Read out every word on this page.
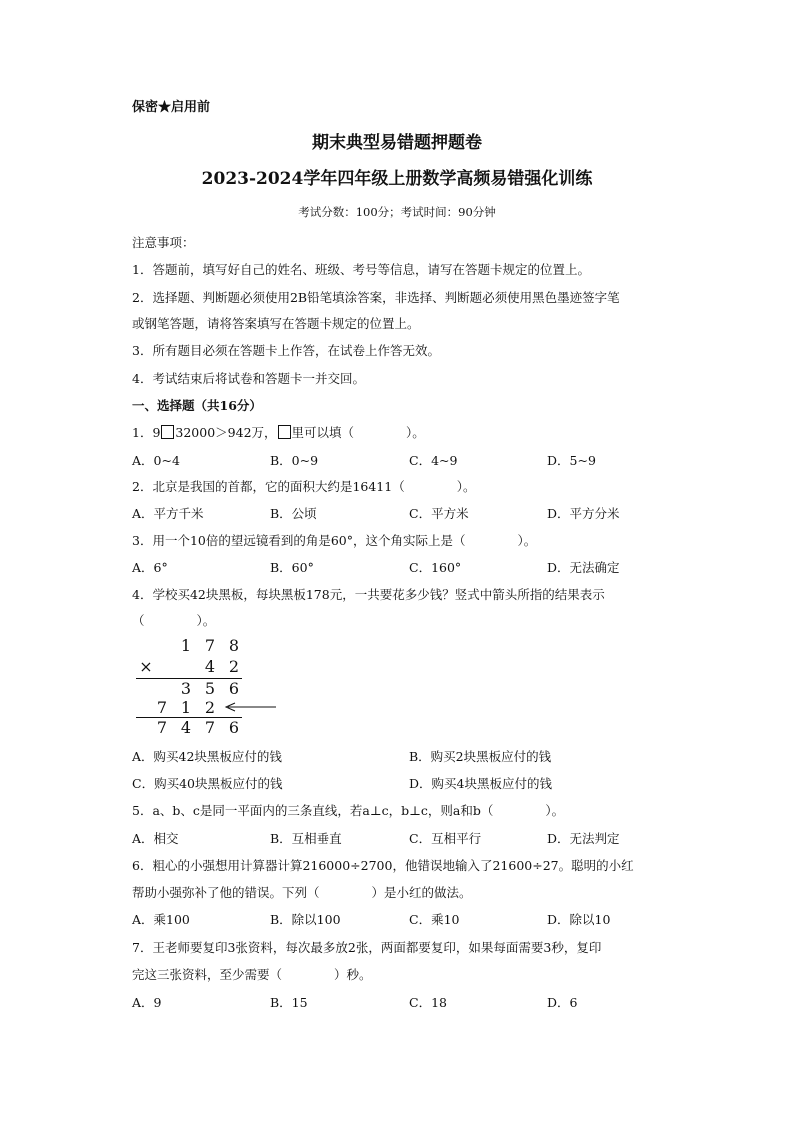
保密★启用前
期末典型易错题押题卷
2023-2024学年四年级上册数学高频易错强化训练
考试分数：100分；考试时间：90分钟
注意事项：
1．答题前，填写好自己的姓名、班级、考号等信息，请写在答题卡规定的位置上。
2．选择题、判断题必须使用2B铅笔填涂答案，非选择、判断题必须使用黑色墨迹签字笔
或钢笔答题，请将答案填写在答题卡规定的位置上。
3．所有题目必须在答题卡上作答，在试卷上作答无效。
4．考试结束后将试卷和答题卡一并交回。
一、选择题（共16分）
1．9 32000＞942万， 里可以填（	）。
A．0~4	B．0~9	C．4~9	D．5~9
2．北京是我国的首都，它的面积大约是16411（	）。
A．平方千米	B．公顷	C．平方米	D．平方分米
3．用一个10倍的望远镜看到的角是60°，这个角实际上是（	）。
A．6°	B．60°	C．160°	D．无法确定
4．学校买42块黑板，每块黑板178元，一共要花多少钱？竖式中箭头所指的结果表示
（	）。
1 7 8
×	4 2
3 5 6
7 1 2
7 4 7 6
A．购买42块黑板应付的钱	B．购买2块黑板应付的钱
C．购买40块黑板应付的钱	D．购买4块黑板应付的钱
5．a、b、c是同一平面内的三条直线，若a⊥c，b⊥c，则a和b（	）。
A．相交	B．互相垂直	C．互相平行	D．无法判定
6．粗心的小强想用计算器计算216000÷2700，他错误地输入了21600÷27。聪明的小红
帮助小强弥补了他的错误。下列（	）是小红的做法。
A．乘100	B．除以100	C．乘10	D．除以10
7．王老师要复印3张资料，每次最多放2张，两面都要复印，如果每面需要3秒，复印
完这三张资料，至少需要（	）秒。
A．9	B．15	C．18	D．6
